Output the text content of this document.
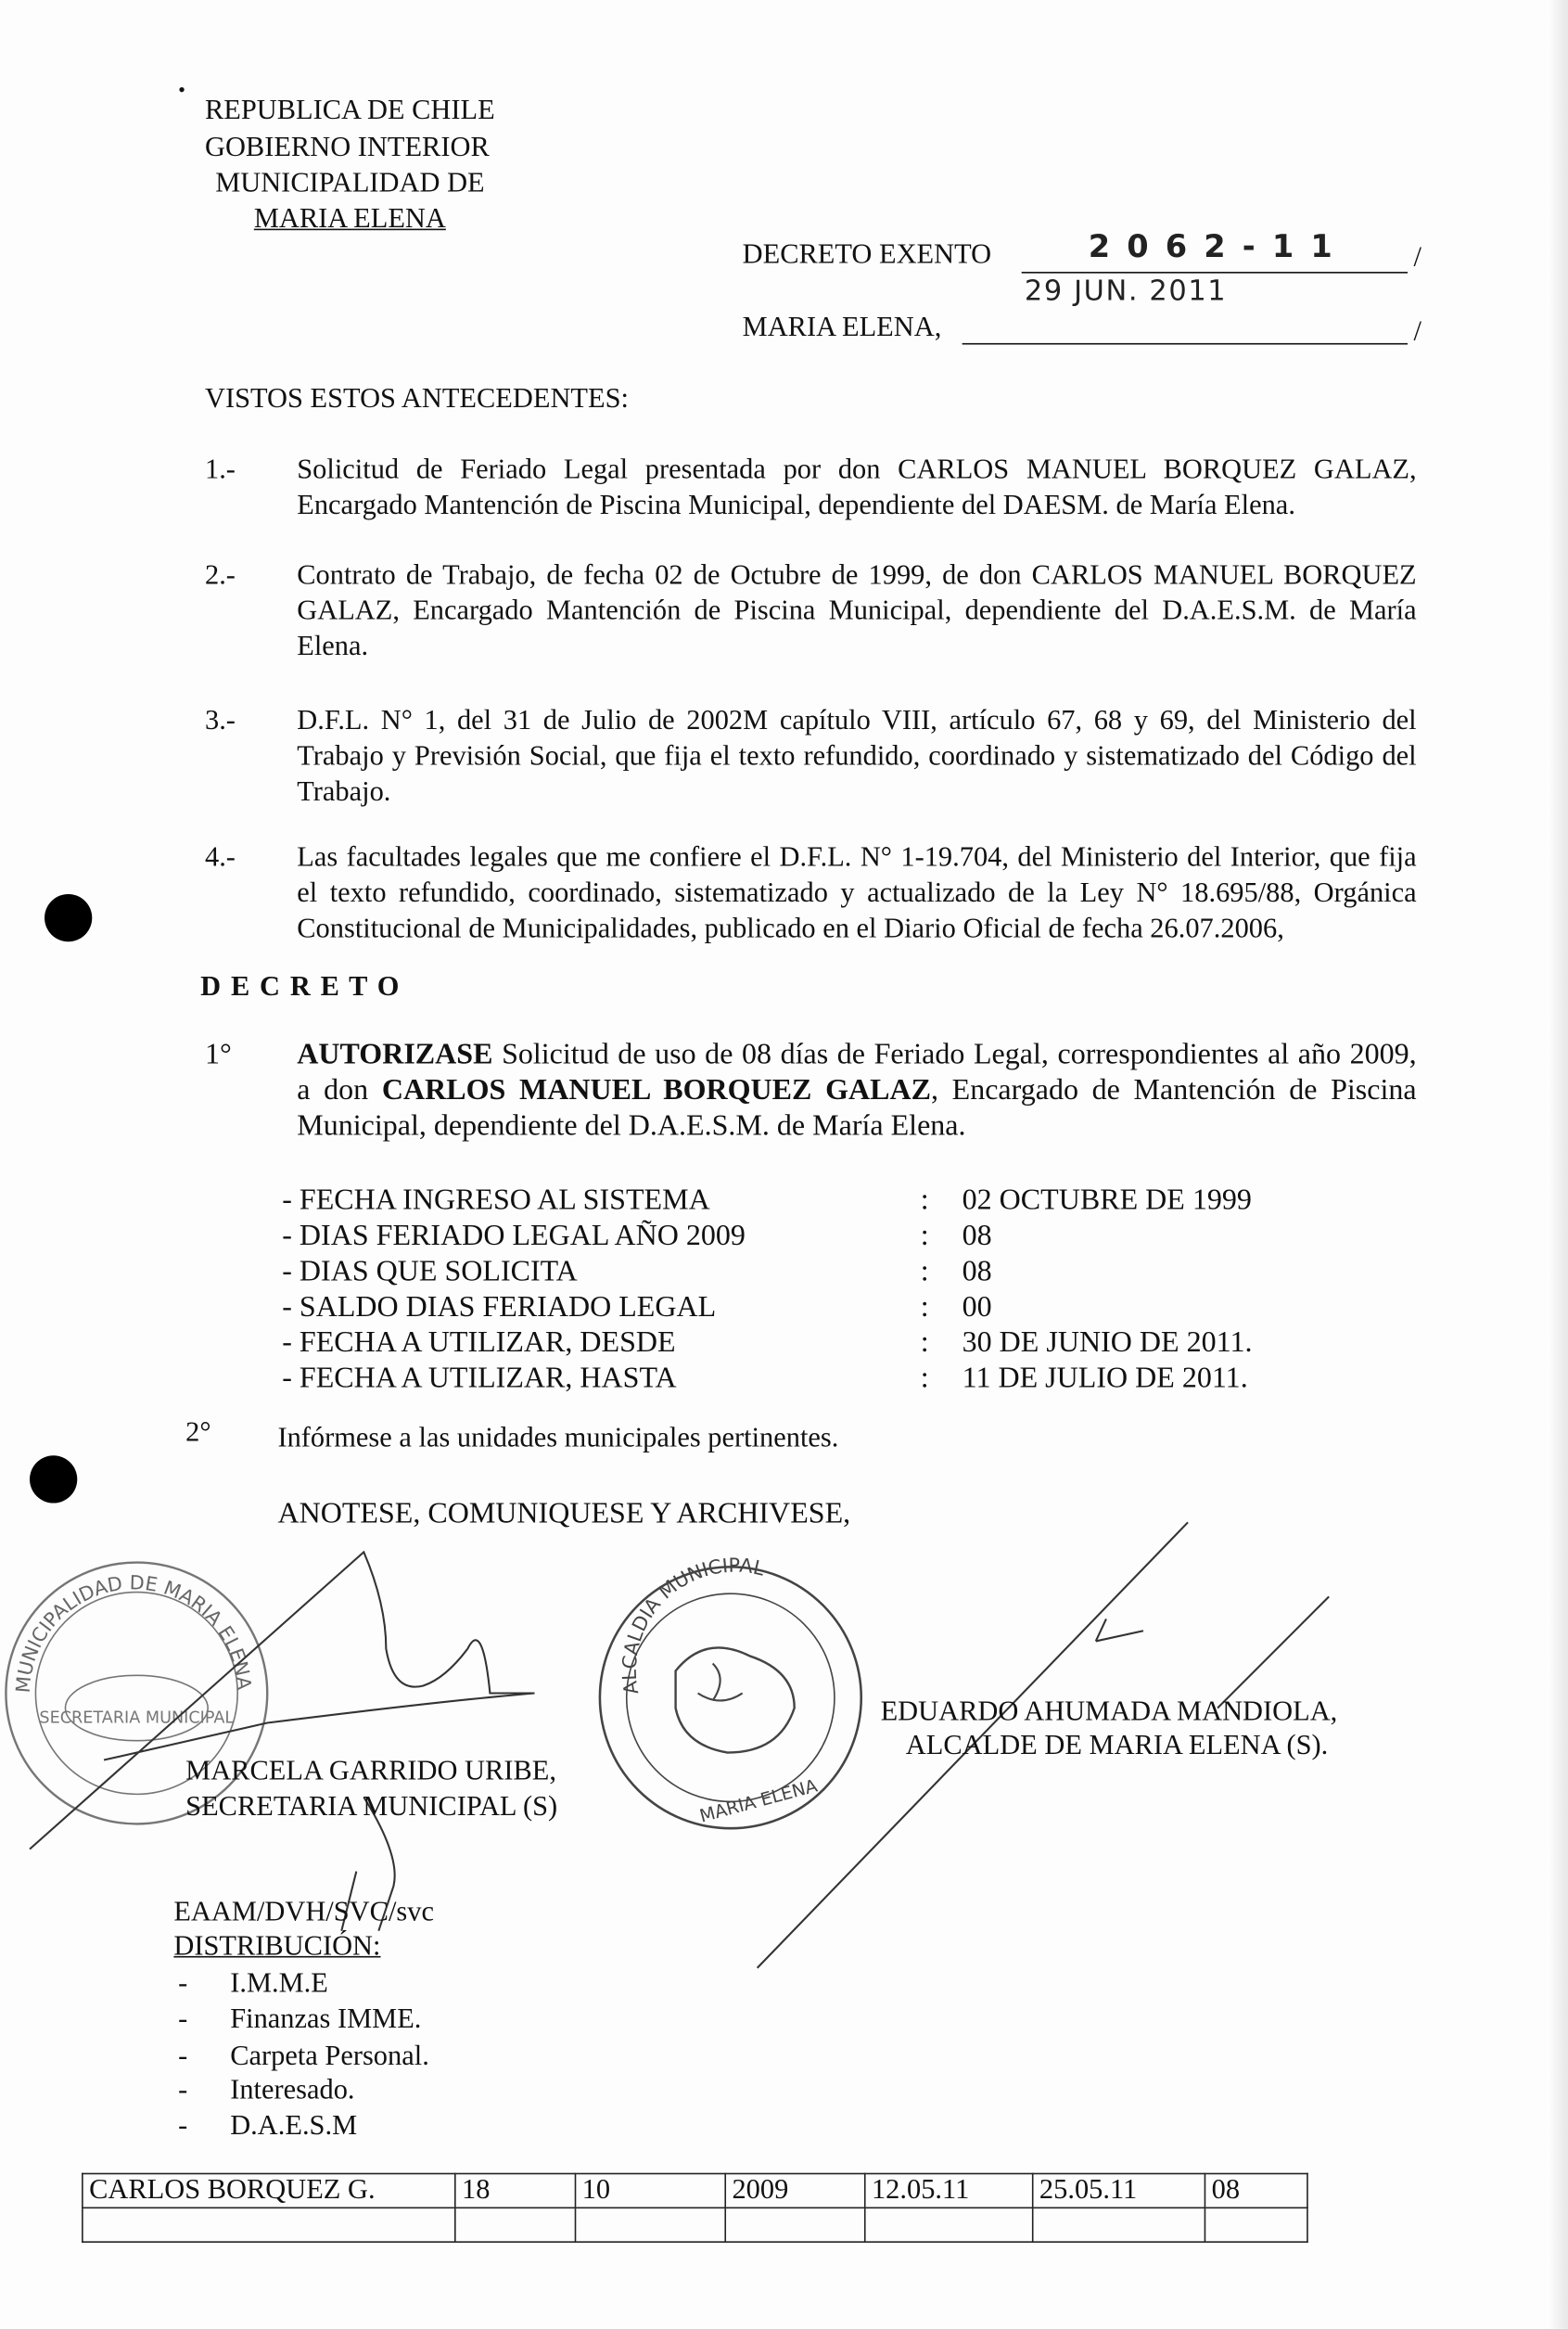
•
REPUBLICA DE CHILE
GOBIERNO INTERIOR
MUNICIPALIDAD DE
MARIA ELENA
DECRETO EXENTO	2 0 6 2 - 1 1	/
29 JUN. 2011
MARIA ELENA,	/
VISTOS ESTOS ANTECEDENTES:
1.-	Solicitud de Feriado Legal presentada por don CARLOS MANUEL BORQUEZ GALAZ, Encargado Mantención de Piscina Municipal, dependiente del DAESM. de María Elena.
2.-	Contrato de Trabajo, de fecha 02 de Octubre de 1999, de don CARLOS MANUEL BORQUEZ GALAZ, Encargado Mantención de Piscina Municipal, dependiente del D.A.E.S.M. de María Elena.
3.-	D.F.L. N° 1, del 31 de Julio de 2002M capítulo VIII, artículo 67, 68 y 69, del Ministerio del Trabajo y Previsión Social, que fija el texto refundido, coordinado y sistematizado del Código del Trabajo.
4.-	Las facultades legales que me confiere el D.F.L. N° 1-19.704, del Ministerio del Interior, que fija el texto refundido, coordinado, sistematizado y actualizado de la Ley N° 18.695/88, Orgánica Constitucional de Municipalidades, publicado en el Diario Oficial de fecha 26.07.2006,
D E C R E T O
1°	AUTORIZASE Solicitud de uso de 08 días de Feriado Legal, correspondientes al año 2009, a don CARLOS MANUEL BORQUEZ GALAZ, Encargado de Mantención de Piscina Municipal, dependiente del D.A.E.S.M. de María Elena.
- FECHA INGRESO AL SISTEMA	: 02 OCTUBRE DE 1999
- DIAS FERIADO LEGAL AÑO 2009	: 08
- DIAS QUE SOLICITA	: 08
- SALDO DIAS FERIADO LEGAL	: 00
- FECHA A UTILIZAR, DESDE	: 30 DE JUNIO DE 2011.
- FECHA A UTILIZAR, HASTA	: 11 DE JULIO DE 2011.
2°	Infórmese a las unidades municipales pertinentes.
ANOTESE, COMUNIQUESE Y ARCHIVESE,
MUNICIPALIDAD DE MARIA ELENA
SECRETARIA MUNICIPAL
ALCALDIA MUNICIPAL
MARIA ELENA
MARCELA GARRIDO URIBE,
SECRETARIA MUNICIPAL (S)
EDUARDO AHUMADA MANDIOLA,
ALCALDE DE MARIA ELENA (S).
EAAM/DVH/SVC/svc
DISTRIBUCIÓN:
- I.M.M.E
- Finanzas IMME.
- Carpeta Personal.
- Interesado.
- D.A.E.S.M
CARLOS BORQUEZ G.	18	10	2009	12.05.11	25.05.11	08
